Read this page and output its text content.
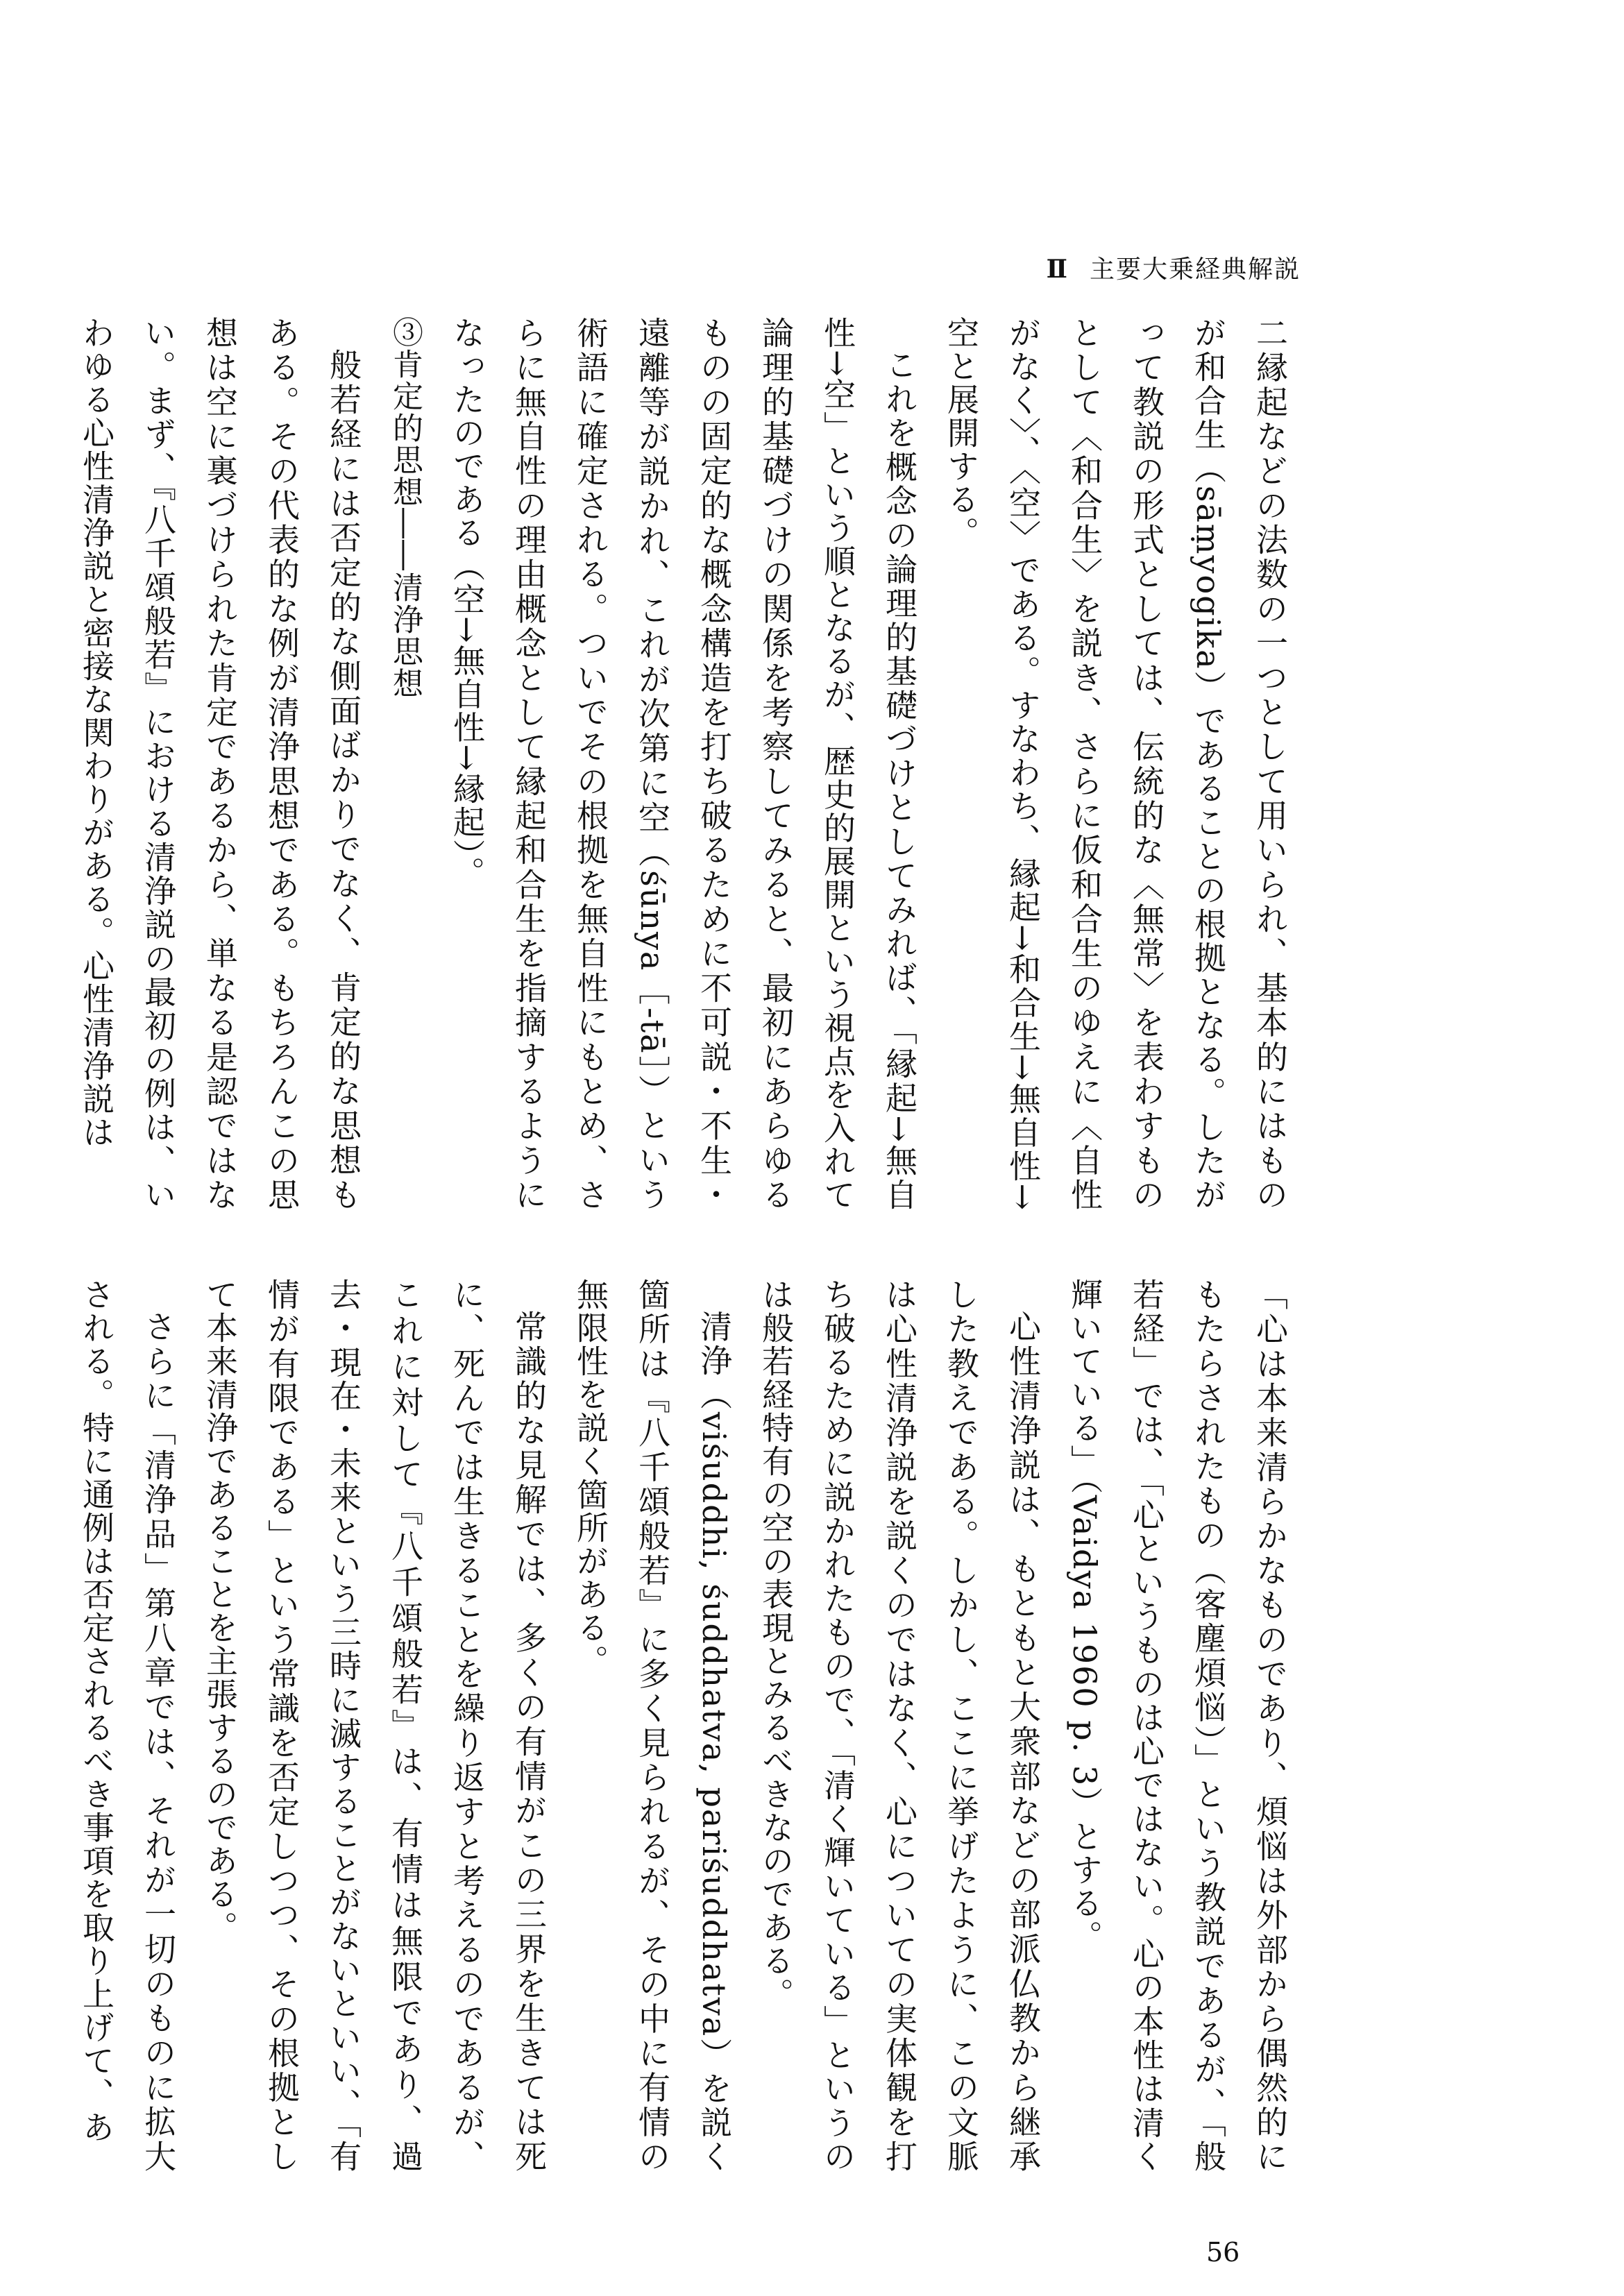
Ⅱ 主要大乗経典解説

二縁起などの法数の一つとして用いられ、基本的にはものが和合生（sāṃyogika）であることの根拠となる。したがって教説の形式としては、伝統的な〈無常〉を表わすものとして〈和合生〉を説き、さらに仮和合生のゆえに〈自性がなく〉、〈空〉である。すなわち、縁起→和合生→無自性→空と展開する。

これを概念の論理的基礎づけとしてみれば、「縁起→無自性→空」という順となるが、歴史的展開という視点を入れて論理的基礎づけの関係を考察してみると、最初にあらゆるものの固定的な概念構造を打ち破るために不可説・不生・遠離等が説かれ、これが次第に空（śūnya［-tā］）という術語に確定される。ついでその根拠を無自性にもとめ、さらに無自性の理由概念として縁起和合生を指摘するようになったのである（空→無自性→縁起）。

③肯定的思想――清浄思想

般若経には否定的な側面ばかりでなく、肯定的な思想もある。その代表的な例が清浄思想である。もちろんこの思想は空に裏づけられた肯定であるから、単なる是認ではない。まず、『八千頌般若』における清浄説の最初の例は、いわゆる心性清浄説と密接な関わりがある。心性清浄説は

「心は本来清らかなものであり、煩悩は外部から偶然的にもたらされたもの（客塵煩悩）」という教説であるが、「般若経」では、「心というものは心ではない。心の本性は清く輝いている」（Vaidya 1960 p. 3）とする。

心性清浄説は、もともと大衆部などの部派仏教から継承した教えである。しかし、ここに挙げたように、この文脈は心性清浄説を説くのではなく、心についての実体観を打ち破るために説かれたもので、「清く輝いている」というのは般若経特有の空の表現とみるべきなのである。

清浄（viśuddhi, śuddhatva, pariśuddhatva）を説く箇所は『八千頌般若』に多く見られるが、その中に有情の無限性を説く箇所がある。

常識的な見解では、多くの有情がこの三界を生きては死に、死んでは生きることを繰り返すと考えるのであるが、これに対して『八千頌般若』は、有情は無限であり、過去・現在・未来という三時に滅することがないといい、「有情が有限である」という常識を否定しつつ、その根拠として本来清浄であることを主張するのである。

さらに「清浄品」第八章では、それが一切のものに拡大される。特に通例は否定されるべき事項を取り上げて、あ

56
